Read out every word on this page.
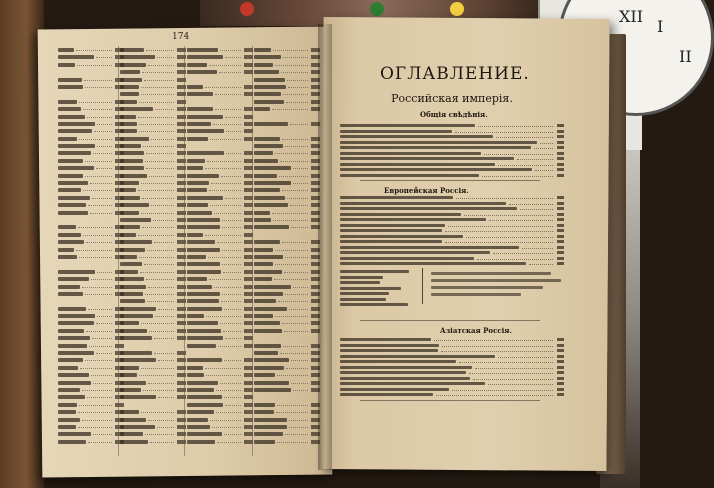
XII
I
II
174
ОГЛАВЛЕНИЕ.
Российская имперія.
Общія свѣдѣнія.
Европейская Россія.
Азіатская Россія.
